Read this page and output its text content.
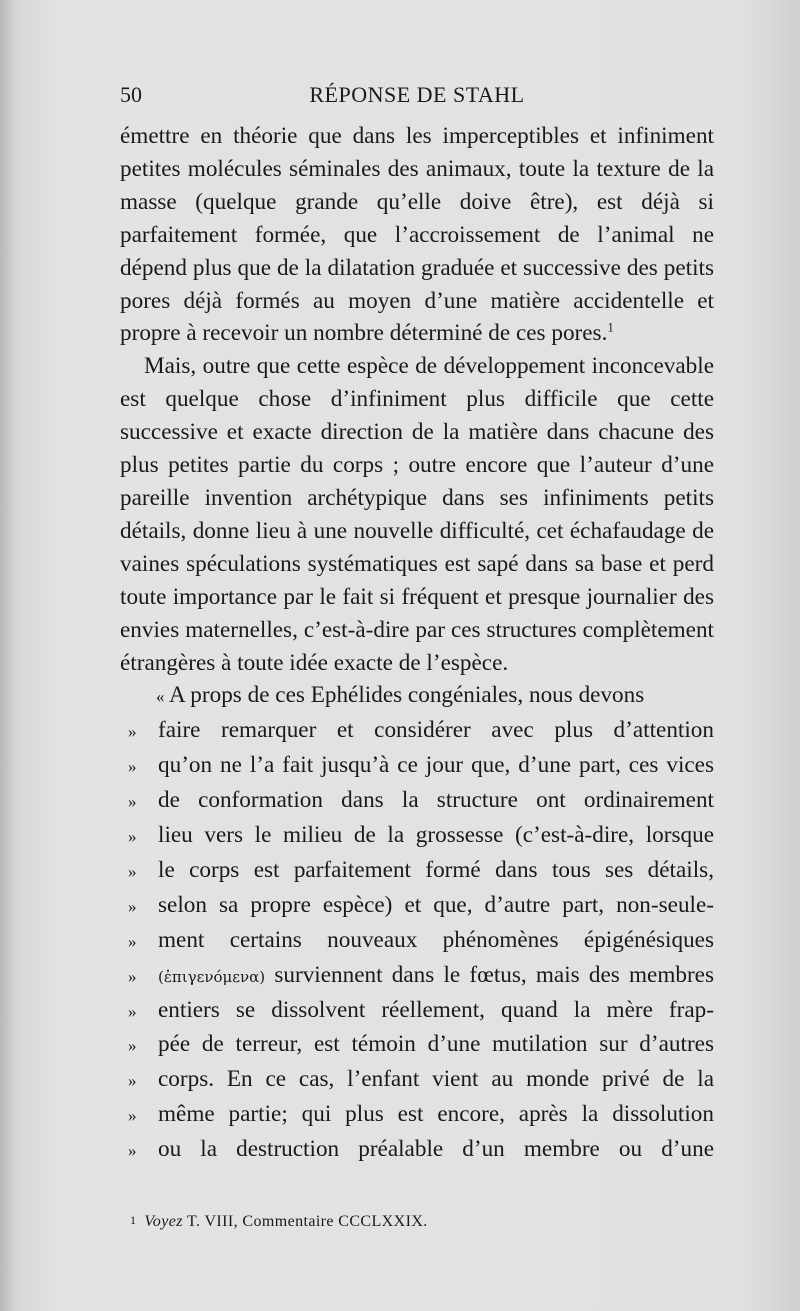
50	RÉPONSE DE STAHL

émettre en théorie que dans les imperceptibles et infiniment petites molécules séminales des animaux, toute la texture de la masse (quelque grande qu’elle doive être), est déjà si parfaitement formée, que l’accroissement de l’animal ne dépend plus que de la dilatation graduée et successive des petits pores déjà formés au moyen d’une matière accidentelle et propre à recevoir un nombre déterminé de ces pores.$^1$

Mais, outre que cette espèce de développement inconcevable est quelque chose d’infiniment plus difficile que cette successive et exacte direction de la matière dans chacune des plus petites partie du corps ; outre encore que l’auteur d’une pareille invention archétypique dans ses infiniments petits détails, donne lieu à une nouvelle difficulté, cet échafaudage de vaines spéculations systématiques est sapé dans sa base et perd toute importance par le fait si fréquent et presque journalier des envies maternelles, c’est-à-dire par ces structures complètement étrangères à toute idée exacte de l’espèce.

« A props de ces Ephélides congéniales, nous devons

» faire remarquer et considérer avec plus d’attention
» qu’on ne l’a fait jusqu’à ce jour que, d’une part, ces vices
» de conformation dans la structure ont ordinairement
» lieu vers le milieu de la grossesse (c’est-à-dire, lorsque
» le corps est parfaitement formé dans tous ses détails,
» selon sa propre espèce) et que, d’autre part, non-seule-
» ment certains nouveaux phénomènes épigénésiques
»	(ἐπιγενόμενα) surviennent dans le fœtus, mais des membres
» entiers se dissolvent réellement, quand la mère frap-
» pée de terreur, est témoin d’une mutilation sur d’autres
» corps. En ce cas, l’enfant vient au monde privé de la
» même partie; qui plus est encore, après la dissolution
» ou la destruction préalable d’un membre ou d’une
$^1$ Voyez T. VIII, Commentaire CCCLXXIX.
